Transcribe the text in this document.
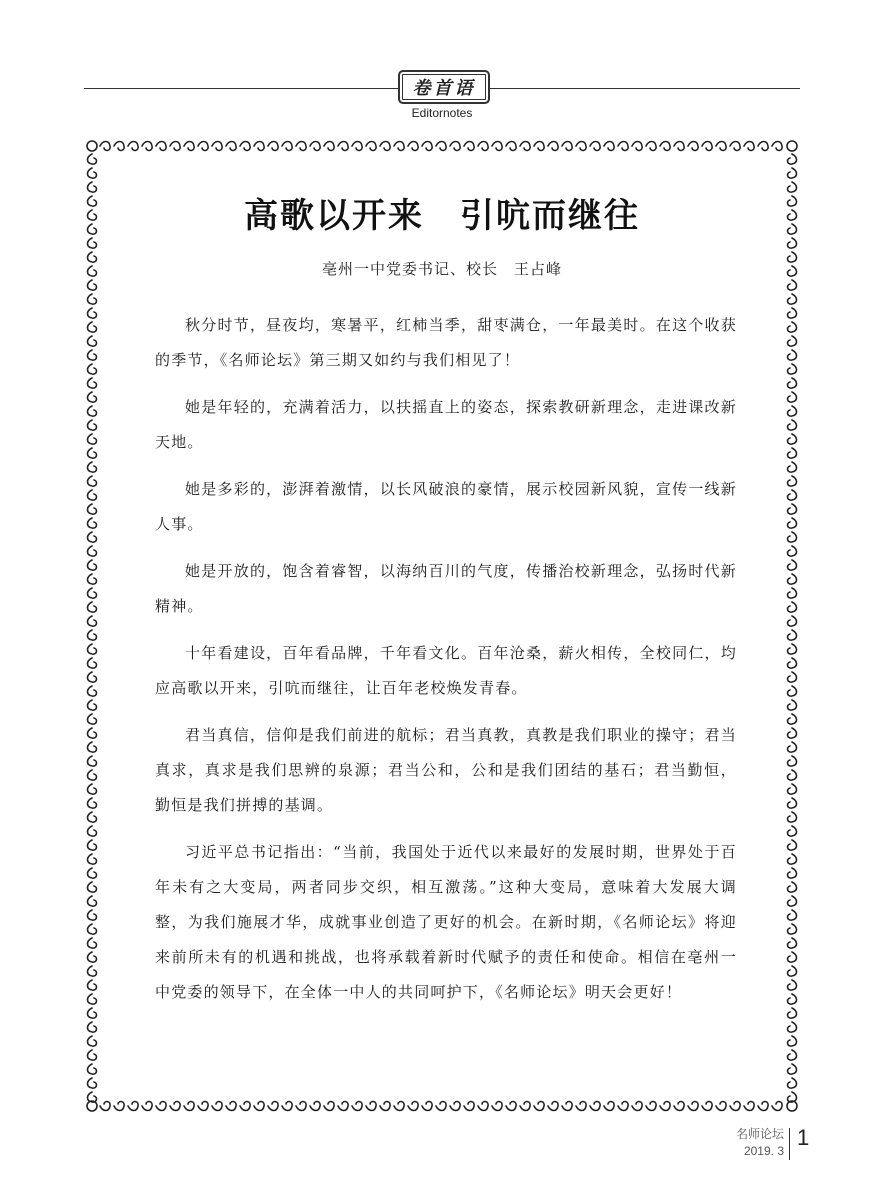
卷首语
Editornotes
高歌以开来　引吭而继往
亳州一中党委书记、校长　王占峰

秋分时节，昼夜均，寒暑平，红柿当季，甜枣满仓，一年最美时。在这个收获的季节，《名师论坛》第三期又如约与我们相见了！

她是年轻的，充满着活力，以扶摇直上的姿态，探索教研新理念，走进课改新天地。

她是多彩的，澎湃着激情，以长风破浪的豪情，展示校园新风貌，宣传一线新人事。

她是开放的，饱含着睿智，以海纳百川的气度，传播治校新理念，弘扬时代新精神。

十年看建设，百年看品牌，千年看文化。百年沧桑，薪火相传，全校同仁，均应高歌以开来，引吭而继往，让百年老校焕发青春。

君当真信，信仰是我们前进的航标；君当真教，真教是我们职业的操守；君当真求，真求是我们思辨的泉源；君当公和，公和是我们团结的基石；君当勤恒，勤恒是我们拼搏的基调。

习近平总书记指出：“当前，我国处于近代以来最好的发展时期，世界处于百年未有之大变局，两者同步交织，相互激荡。”这种大变局，意味着大发展大调整，为我们施展才华，成就事业创造了更好的机会。在新时期，《名师论坛》将迎来前所未有的机遇和挑战，也将承载着新时代赋予的责任和使命。相信在亳州一中党委的领导下，在全体一中人的共同呵护下，《名师论坛》明天会更好！

名师论坛
2019. 3
1
